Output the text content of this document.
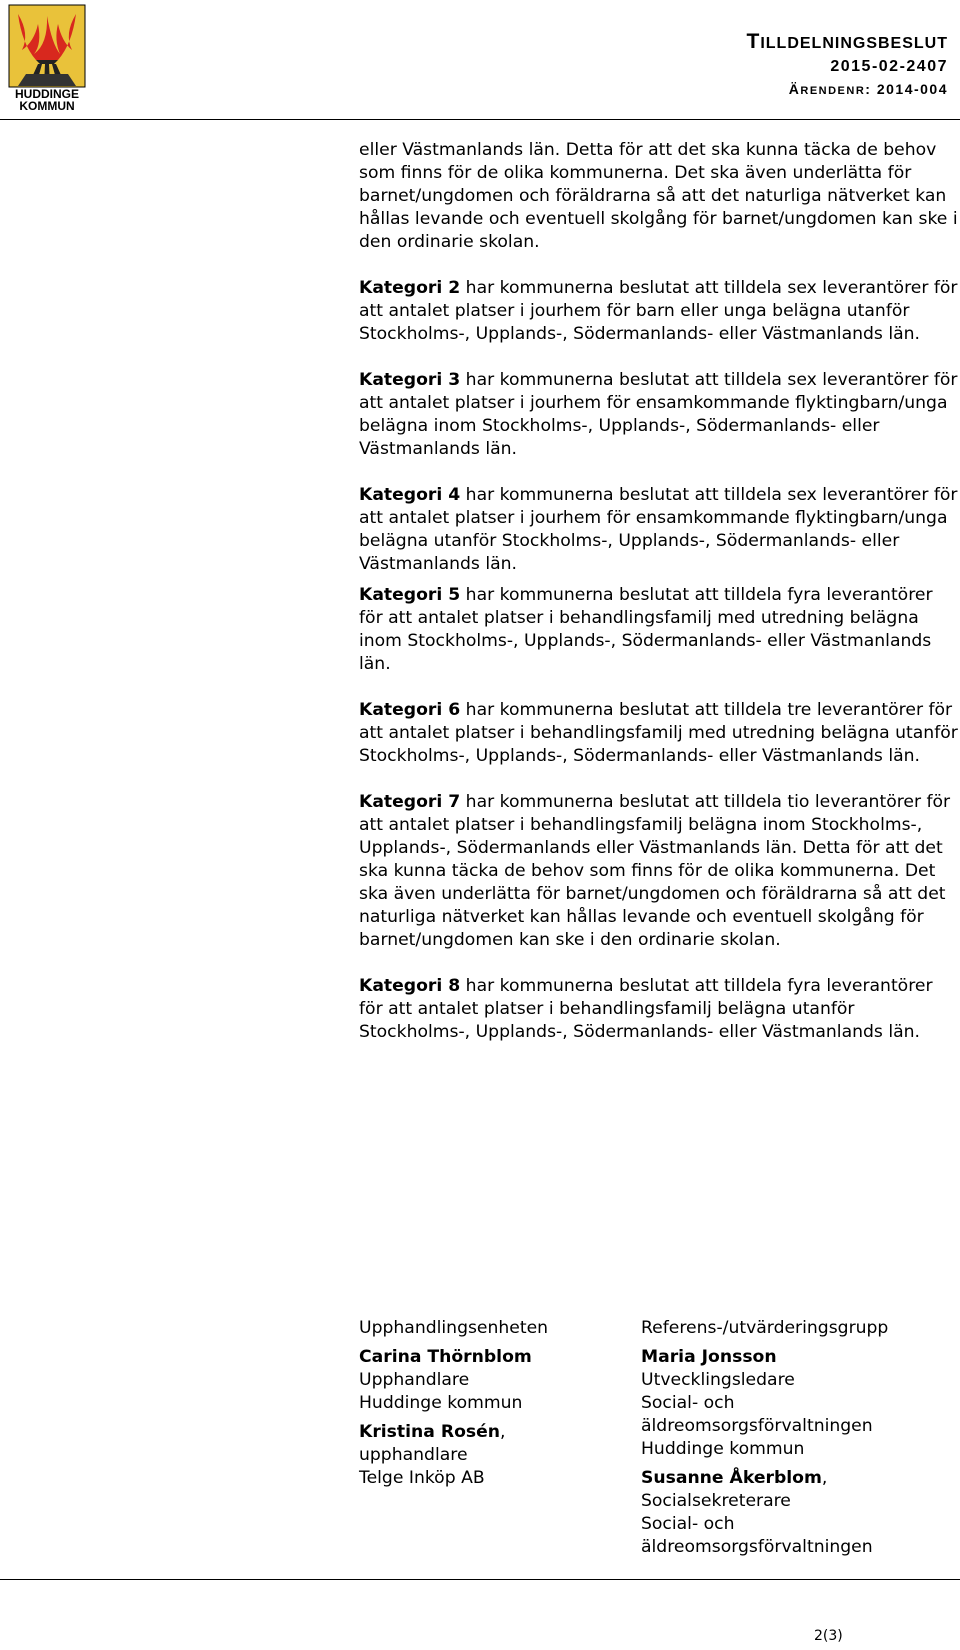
HUDDINGE
KOMMUN
TILLDELNINGSBESLUT
2015-02-2407
ÄRENDENR: 2014-004

eller Västmanlands län. Detta för att det ska kunna täcka de behov som finns för de olika kommunerna. Det ska även underlätta för barnet/ungdomen och föräldrarna så att det naturliga nätverket kan hållas levande och eventuell skolgång för barnet/ungdomen kan ske i den ordinarie skolan.

Kategori 2 har kommunerna beslutat att tilldela sex leverantörer för att antalet platser i jourhem för barn eller unga belägna utanför Stockholms-, Upplands-, Södermanlands- eller Västmanlands län.

Kategori 3 har kommunerna beslutat att tilldela sex leverantörer för att antalet platser i jourhem för ensamkommande flyktingbarn/unga belägna inom Stockholms-, Upplands-, Södermanlands- eller Västmanlands län.

Kategori 4 har kommunerna beslutat att tilldela sex leverantörer för att antalet platser i jourhem för ensamkommande flyktingbarn/unga belägna utanför Stockholms-, Upplands-, Södermanlands- eller Västmanlands län.

Kategori 5 har kommunerna beslutat att tilldela fyra leverantörer för att antalet platser i behandlingsfamilj med utredning belägna inom Stockholms-, Upplands-, Södermanlands- eller Västmanlands län.

Kategori 6 har kommunerna beslutat att tilldela tre leverantörer för att antalet platser i behandlingsfamilj med utredning belägna utanför Stockholms-, Upplands-, Södermanlands- eller Västmanlands län.

Kategori 7 har kommunerna beslutat att tilldela tio leverantörer för att antalet platser i behandlingsfamilj belägna inom Stockholms-, Upplands-, Södermanlands eller Västmanlands län. Detta för att det ska kunna täcka de behov som finns för de olika kommunerna. Det ska även underlätta för barnet/ungdomen och föräldrarna så att det naturliga nätverket kan hållas levande och eventuell skolgång för barnet/ungdomen kan ske i den ordinarie skolan.

Kategori 8 har kommunerna beslutat att tilldela fyra leverantörer för att antalet platser i behandlingsfamilj belägna utanför Stockholms-, Upplands-, Södermanlands- eller Västmanlands län.

Upphandlingsenheten

Carina Thörnblom

Upphandlare

Huddinge kommun

Kristina Rosén,

upphandlare

Telge Inköp AB

Referens-/utvärderingsgrupp

Maria Jonsson

Utvecklingsledare

Social- och

äldreomsorgsförvaltningen

Huddinge kommun

Susanne Åkerblom,

Socialsekreterare

Social- och

äldreomsorgsförvaltningen

2(3)
